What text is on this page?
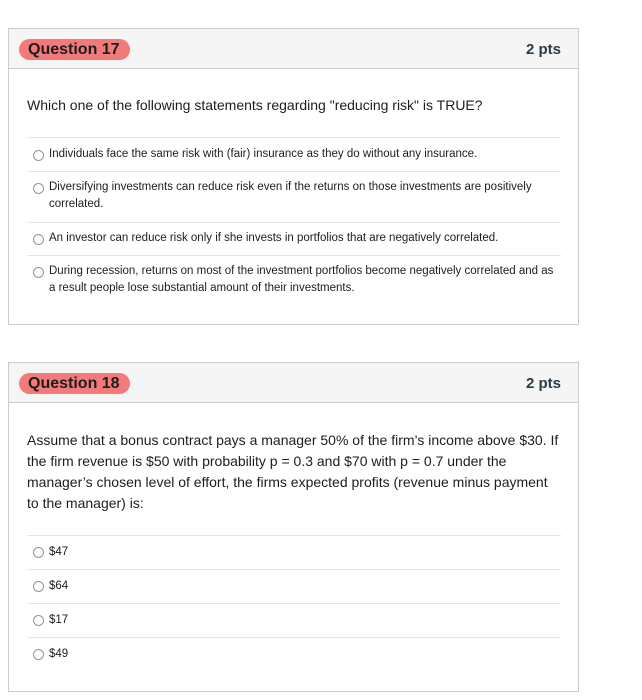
Question 17	2 pts
Which one of the following statements regarding "reducing risk" is TRUE?
Individuals face the same risk with (fair) insurance as they do without any insurance.
Diversifying investments can reduce risk even if the returns on those investments are positively correlated.
An investor can reduce risk only if she invests in portfolios that are negatively correlated.
During recession, returns on most of the investment portfolios become negatively correlated and as a result people lose substantial amount of their investments.
Question 18	2 pts
Assume that a bonus contract pays a manager 50% of the firm’s income above $30. If the firm revenue is $50 with probability p = 0.3 and $70 with p = 0.7 under the manager’s chosen level of effort, the firms expected profits (revenue minus payment to the manager) is:
$47
$64
$17
$49
